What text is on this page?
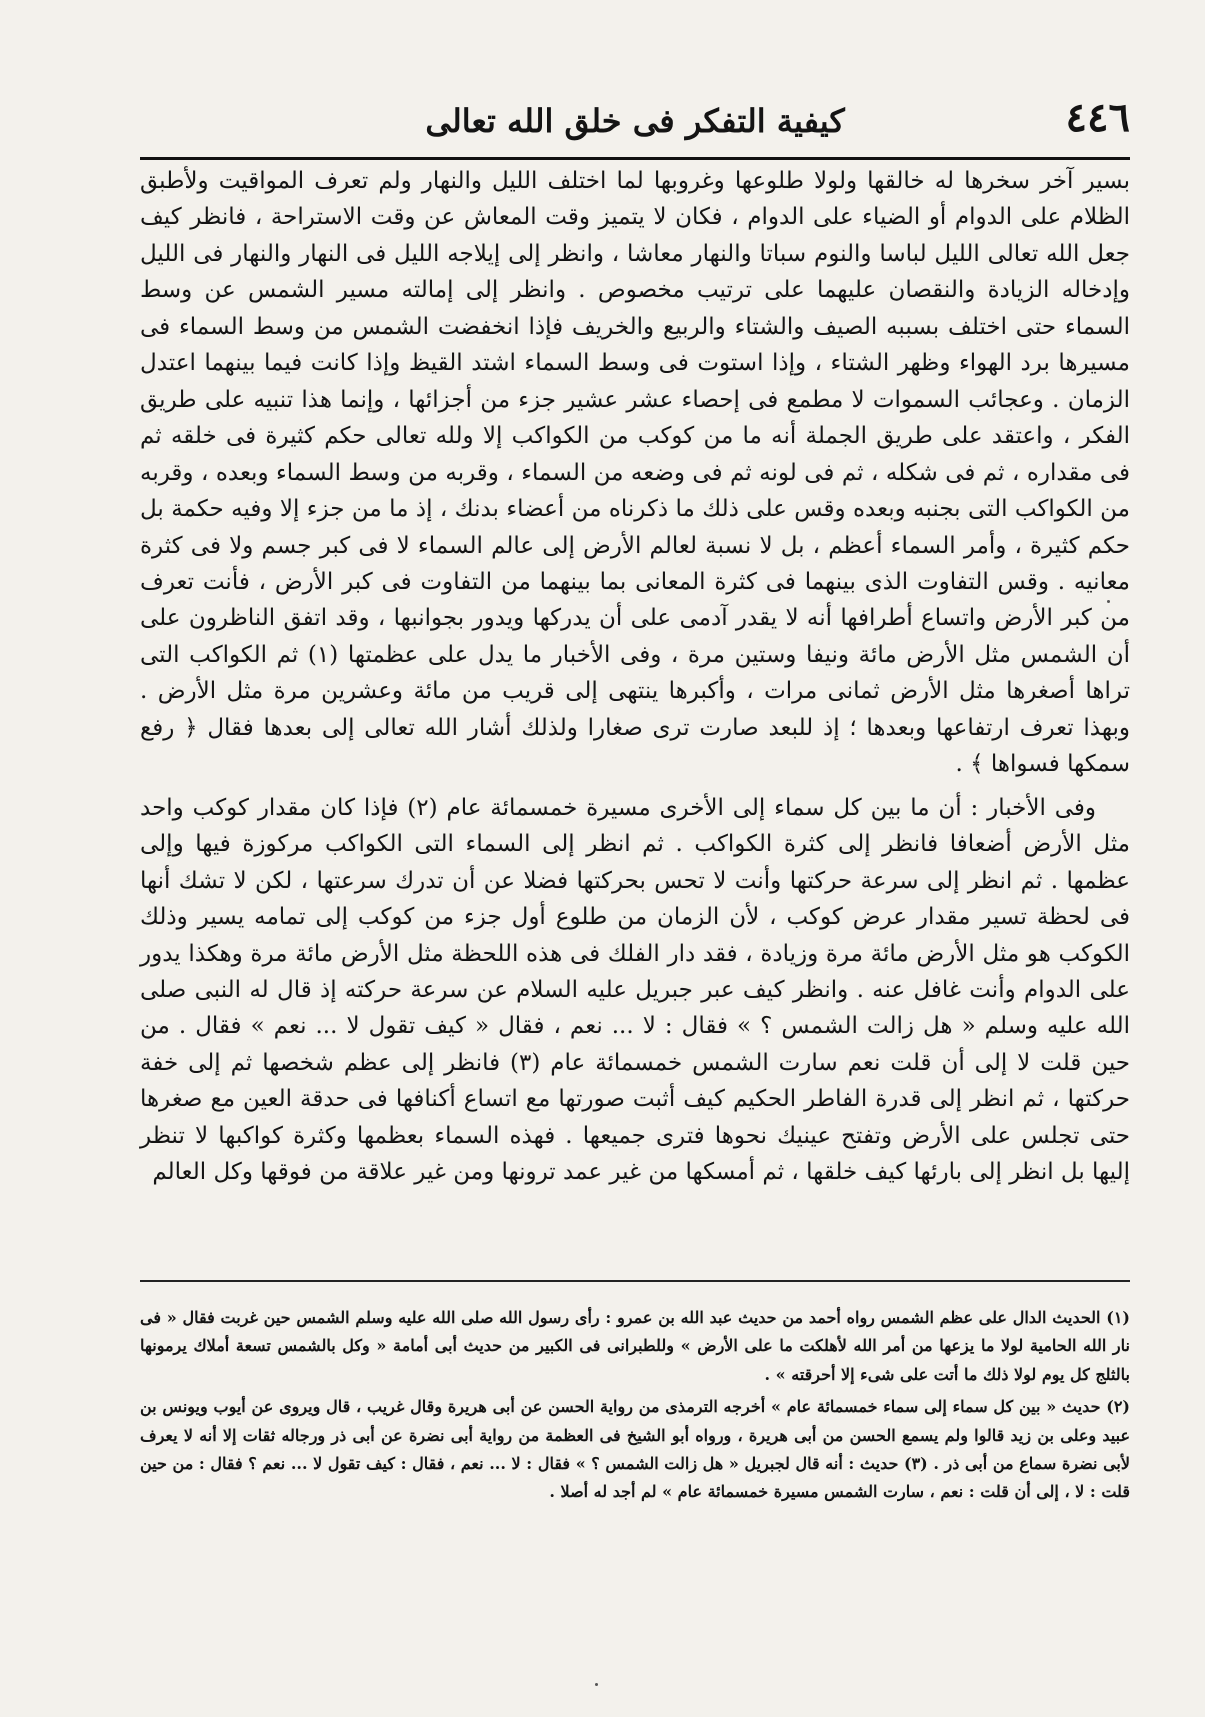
٤٤٦
كيفية التفكر فى خلق الله تعالى

بسير آخر سخرها له خالقها ولولا طلوعها وغروبها لما اختلف الليل والنهار ولم تعرف المواقيت ولأطبق الظلام على الدوام أو الضياء على الدوام ، فكان لا يتميز وقت المعاش عن وقت الاستراحة ، فانظر كيف جعل الله تعالى الليل لباسا والنوم سباتا والنهار معاشا ، وانظر إلى إيلاجه الليل فى النهار والنهار فى الليل وإدخاله الزيادة والنقصان عليهما على ترتيب مخصوص . وانظر إلى إمالته مسير الشمس عن وسط السماء حتى اختلف بسببه الصيف والشتاء والربيع والخريف فإذا انخفضت الشمس من وسط السماء فى مسيرها برد الهواء وظهر الشتاء ، وإذا استوت فى وسط السماء اشتد القيظ وإذا كانت فيما بينهما اعتدل الزمان . وعجائب السموات لا مطمع فى إحصاء عشر عشير جزء من أجزائها ، وإنما هذا تنبيه على طريق الفكر ، واعتقد على طريق الجملة أنه ما من كوكب من الكواكب إلا ولله تعالى حكم كثيرة فى خلقه ثم فى مقداره ، ثم فى شكله ، ثم فى لونه ثم فى وضعه من السماء ، وقربه من وسط السماء وبعده ، وقربه من الكواكب التى بجنبه وبعده وقس على ذلك ما ذكرناه من أعضاء بدنك ، إذ ما من جزء إلا وفيه حكمة بل حكم كثيرة ، وأمر السماء أعظم ، بل لا نسبة لعالم الأرض إلى عالم السماء لا فى كبر جسم ولا فى كثرة معانيه . وقس التفاوت الذى بينهما فى كثرة المعانى بما بينهما من التفاوت فى كبر الأرض ، فأنت تعرف من كبر الأرض واتساع أطرافها أنه لا يقدر آدمى على أن يدركها ويدور بجوانبها ، وقد اتفق الناظرون على أن الشمس مثل الأرض مائة ونيفا وستين مرة ، وفى الأخبار ما يدل على عظمتها (١) ثم الكواكب التى تراها أصغرها مثل الأرض ثمانى مرات ، وأكبرها ينتهى إلى قريب من مائة وعشرين مرة مثل الأرض . وبهذا تعرف ارتفاعها وبعدها ؛ إذ للبعد صارت ترى صغارا ولذلك أشار الله تعالى إلى بعدها فقال ﴿ رفع سمكها فسواها ﴾ .

وفى الأخبار : أن ما بين كل سماء إلى الأخرى مسيرة خمسمائة عام (٢) فإذا كان مقدار كوكب واحد مثل الأرض أضعافا فانظر إلى كثرة الكواكب . ثم انظر إلى السماء التى الكواكب مركوزة فيها وإلى عظمها . ثم انظر إلى سرعة حركتها وأنت لا تحس بحركتها فضلا عن أن تدرك سرعتها ، لكن لا تشك أنها فى لحظة تسير مقدار عرض كوكب ، لأن الزمان من طلوع أول جزء من كوكب إلى تمامه يسير وذلك الكوكب هو مثل الأرض مائة مرة وزيادة ، فقد دار الفلك فى هذه اللحظة مثل الأرض مائة مرة وهكذا يدور على الدوام وأنت غافل عنه . وانظر كيف عبر جبريل عليه السلام عن سرعة حركته إذ قال له النبى صلى الله عليه وسلم « هل زالت الشمس ؟ » فقال : لا ... نعم ، فقال « كيف تقول لا ... نعم » فقال . من حين قلت لا إلى أن قلت نعم سارت الشمس خمسمائة عام (٣) فانظر إلى عظم شخصها ثم إلى خفة حركتها ، ثم انظر إلى قدرة الفاطر الحكيم كيف أثبت صورتها مع اتساع أكنافها فى حدقة العين مع صغرها حتى تجلس على الأرض وتفتح عينيك نحوها فترى جميعها . فهذه السماء بعظمها وكثرة كواكبها لا تنظر إليها بل انظر إلى بارئها كيف خلقها ، ثم أمسكها من غير عمد ترونها ومن غير علاقة من فوقها وكل العالم

(١) الحديث الدال على عظم الشمس رواه أحمد من حديث عبد الله بن عمرو : رأى رسول الله صلى الله عليه وسلم الشمس حين غربت فقال « فى نار الله الحامية لولا ما يزعها من أمر الله لأهلكت ما على الأرض » وللطبرانى فى الكبير من حديث أبى أمامة « وكل بالشمس تسعة أملاك يرمونها بالثلج كل يوم لولا ذلك ما أتت على شىء إلا أحرقته » .

(٢) حديث « بين كل سماء إلى سماء خمسمائة عام » أخرجه الترمذى من رواية الحسن عن أبى هريرة وقال غريب ، قال ويروى عن أيوب ويونس بن عبيد وعلى بن زيد قالوا ولم يسمع الحسن من أبى هريرة ، ورواه أبو الشيخ فى العظمة من رواية أبى نضرة عن أبى ذر ورجاله ثقات إلا أنه لا يعرف لأبى نضرة سماع من أبى ذر . (٣) حديث : أنه قال لجبريل « هل زالت الشمس ؟ » فقال : لا ... نعم ، فقال : كيف تقول لا ... نعم ؟ فقال : من حين قلت : لا ، إلى أن قلت : نعم ، سارت الشمس مسيرة خمسمائة عام » لم أجد له أصلا .
